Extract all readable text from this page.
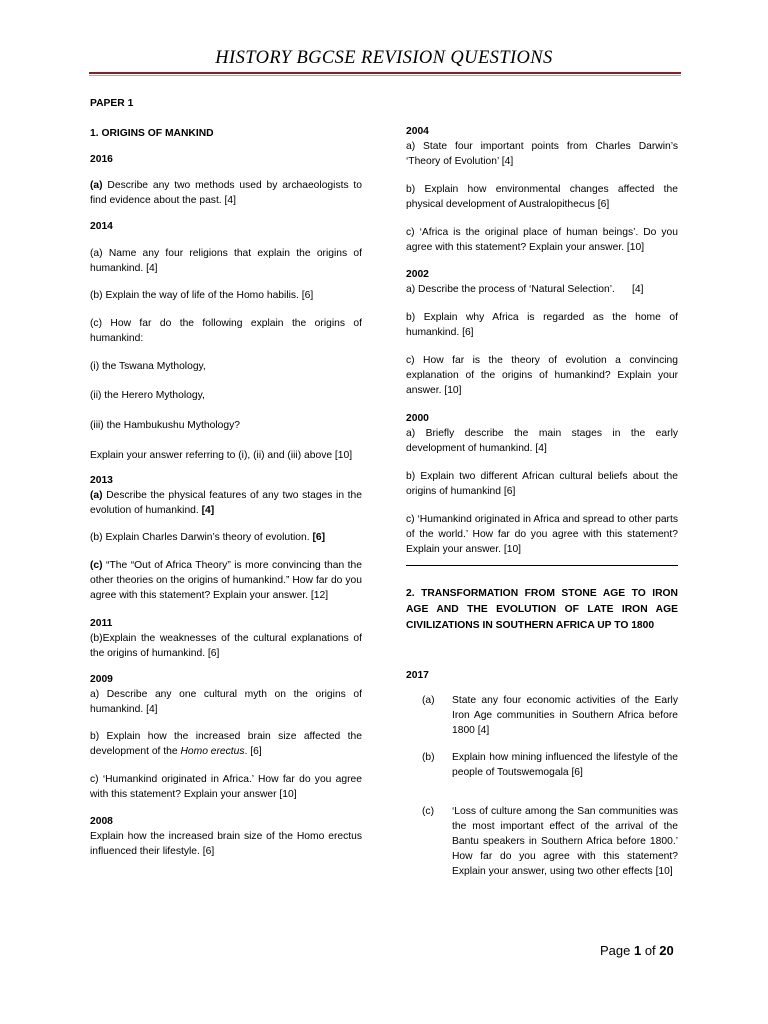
HISTORY BGCSE REVISION QUESTIONS
PAPER 1
1. ORIGINS OF MANKIND
2016

(a) Describe any two methods used by archaeologists to find evidence about the past. [4]

2014

(a) Name any four religions that explain the origins of humankind. [4]

(b) Explain the way of life of the Homo habilis. [6]

(c) How far do the following explain the origins of humankind:

(i) the Tswana Mythology,

(ii) the Herero Mythology,

(iii) the Hambukushu Mythology?

Explain your answer referring to (i), (ii) and (iii) above [10]

2013

(a) Describe the physical features of any two stages in the evolution of humankind. [4]

(b) Explain Charles Darwin’s theory of evolution. [6]

(c) “The “Out of Africa Theory” is more convincing than the other theories on the origins of humankind.” How far do you agree with this statement? Explain your answer. [12]

2011

(b)Explain the weaknesses of the cultural explanations of the origins of humankind. [6]

2009

a) Describe any one cultural myth on the origins of humankind. [4]

b) Explain how the increased brain size affected the development of the Homo erectus. [6]

c) ‘Humankind originated in Africa.’ How far do you agree with this statement? Explain your answer [10]

2008

Explain how the increased brain size of the Homo erectus influenced their lifestyle. [6]

2004

a) State four important points from Charles Darwin’s ‘Theory of Evolution’ [4]

b) Explain how environmental changes affected the physical development of Australopithecus [6]

c) ‘Africa is the original place of human beings’. Do you agree with this statement? Explain your answer. [10]

2002

a) Describe the process of ‘Natural Selection’.      [4]

b) Explain why Africa is regarded as the home of humankind. [6]

c) How far is the theory of evolution a convincing explanation of the origins of humankind? Explain your answer. [10]

2000

a) Briefly describe the main stages in the early development of humankind. [4]

b) Explain two different African cultural beliefs about the origins of humankind [6]

c) ‘Humankind originated in Africa and spread to other parts of the world.’ How far do you agree with this statement? Explain your answer. [10]

2. TRANSFORMATION FROM STONE AGE TO IRON AGE AND THE EVOLUTION OF LATE IRON AGE CIVILIZATIONS IN SOUTHERN AFRICA UP TO 1800
2017
(a)	State any four economic activities of the Early Iron Age communities in Southern Africa before 1800 [4]
(b)	Explain how mining influenced the lifestyle of the people of Toutswemogala [6]
(c)	‘Loss of culture among the San communities was the most important effect of the arrival of the Bantu speakers in Southern Africa before 1800.’ How far do you agree with this statement? Explain your answer, using two other effects [10]
Page 1 of 20
